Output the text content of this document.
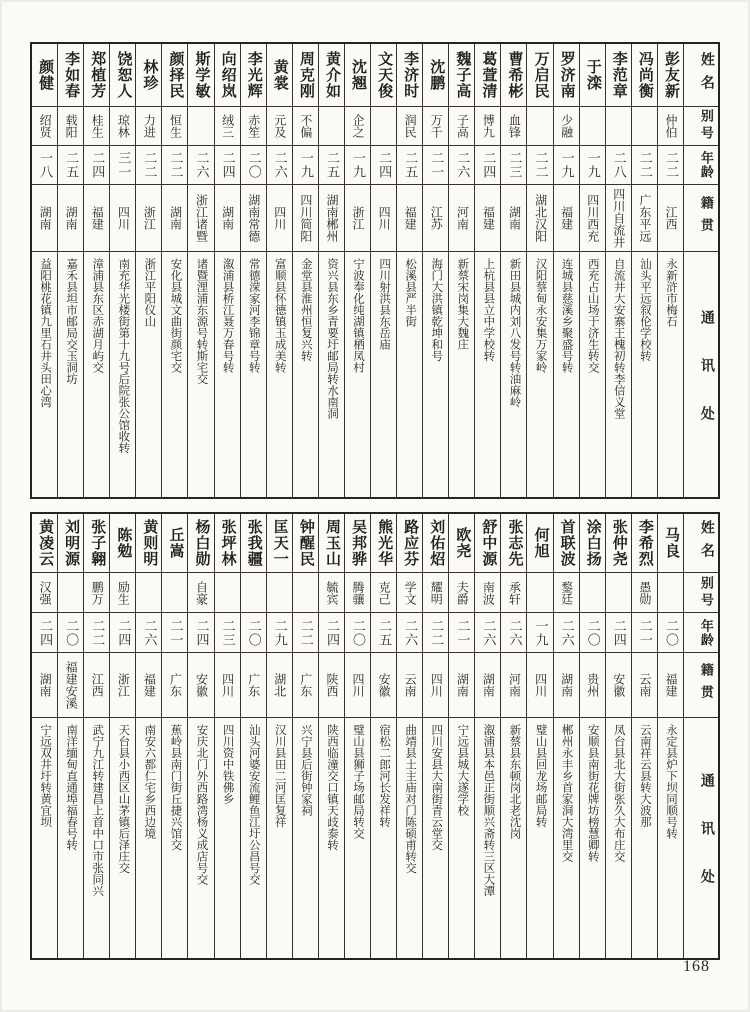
颜健
绍贤
一八
湖南
益阳桃花镇九里石井头田心湾
李如春
载阳
二五
湖南
嘉禾县坦市邮局交玉洞坊
郑植芳
桂生
二四
福建
漳浦县东区赤湖月屿交
饶恕人
琼林
三一
四川
南充华光楼街第十九号后院张公馆收转
林珍
力进
二二
浙江
浙江平阳仪山
颜择民
恒生
二二
湖南
安化县城文曲街颜宅交
斯学敏
二六
浙江诸暨
诸暨浬浦东源号转斯宅交
向绍岚
绒三
二四
湖南
溆浦县桥江聂万春号转
李光辉
赤笙
二〇
湖南常德
常德溁家河李锦章号转
黄裳
元及
二六
四川
富顺县怀德镇玉成美转
周克刚
不偏
一九
四川简阳
金堂县淮州恒复兴转
黄介如
二五
湖南郴州
资兴县东乡青要圩邮局转水南洞
沈翘
企之
一九
浙江
宁波奉化纯湖镇栖凤村
文天俊
二四
四川
四川射洪县东岳庙
李济时
润民
二五
福建
松溪县严半街
沈鹏
万千
二一
江苏
海门大洪镇乾坤和号
魏子高
子高
二六
河南
新蔡宋岗集大魏庄
葛萱清
博九
二四
福建
上杭县县立中学校转
曹希彬
血锋
二三
湖南
新田县城内刘八发号转油麻岭
万启民
二二
湖北汉阳
汉阳蔡甸永安集万家岭
罗济南
少融
一九
福建
连城县慈溪乡聚盛号转
于滦
一九
四川西充
西充占山场于济生转交
李范章
二八
四川自流井
自流井大安寨王槐初转李信义堂
冯尚衡
二二
广东平远
汕头平远叙伦学校转
彭友新
仲伯
二二
江西
永新浒市梅石
姓名
别号
年龄
籍贯
通讯处
黄凌云
汉强
二四
湖南
宁远双井圩转黄宜坝
刘明源
二〇
福建安溪
南洋缅甸直通埠福春号转
张子翱
鹏万
二二
江西
武宁九江转建昌上首中口市张同兴
陈勉
励生
二四
浙江
天台县小西区山茅镇后泽庄交
黄则明
二六
福建
南安六都仁宅乡西边境
丘嵩
二一
广东
蕉岭县南门街丘捷兴馆交
杨白勋
自豪
二四
安徽
安庆北门外西路湾杨义成店号交
张坪林
二三
四川
四川资中铁佛乡
张我疆
二〇
广东
汕头河婆安流鲤鱼江圩公昌号交
匡天一
二九
湖北
汉川县田二河匡复祥
钟醒民
二二
广东
兴宁县后街钟家祠
周玉山
毓宾
二四
陕西
陕西临潼交口镇天歧泰转
吴邦骅
腾骧
二〇
四川
璧山县狮子场邮局转交
熊光华
克己
二五
安徽
宿松二郎河长发祥转
路应芬
学文
二六
云南
曲靖县土主庙对门陈硕甫转交
刘佑炤
耀明
二二
四川
四川安县大南街青云堂交
欧尧
夫爵
二一
湖南
宁远县城大遂学校
舒中源
南波
二六
湖南
溆浦县本邑正街顺兴斋转三区大潭
张志先
承轩
二六
河南
新蔡县东顿岗北老沈岗
何旭
一九
四川
璧山县回龙场邮局转
首联波
鍪廷
二六
湖南
郴州永丰乡首家洞大湾里交
涂白扬
二〇
贵州
安顺县南街花牌坊榜慧卿转
张仲尧
二四
安徽
凤台县北大街张久大布庄交
李希烈
愚勋
二一
云南
云南祥云县转大波那
马良
二〇
福建
永定县炉下坝同顺号转
姓名
别号
年龄
籍贯
通讯处
168
